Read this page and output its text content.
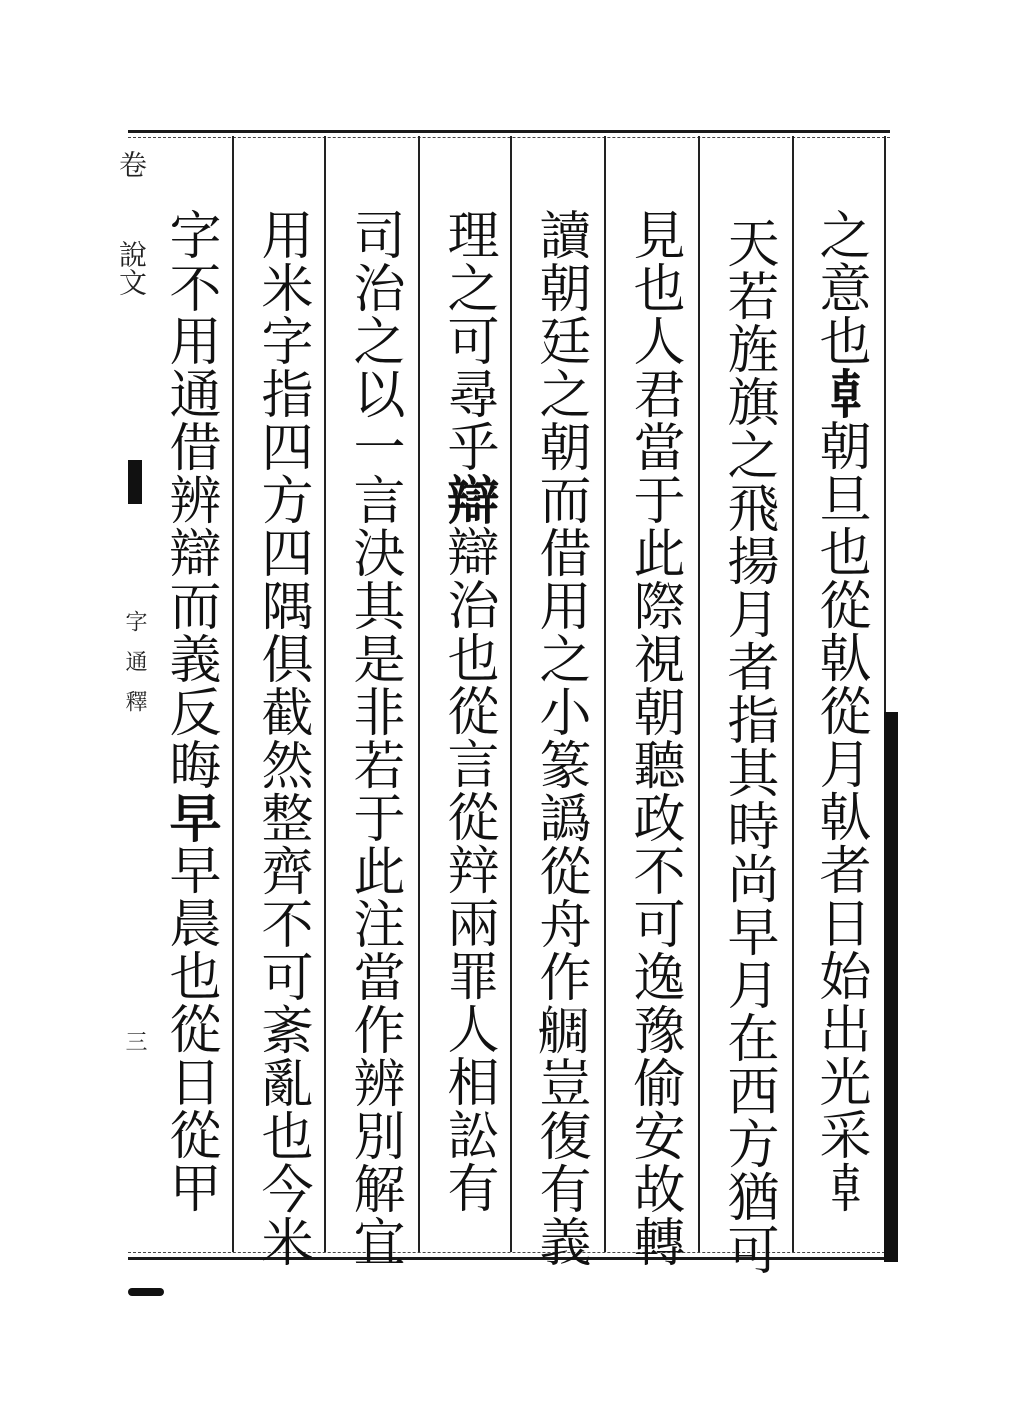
之意也𠦝朝旦也從倝從月倝者日始出光采𠦝
天若旌旗之飛揚月者指其時尚早月在西方猶可
見也人君當于此際視朝聽政不可逸豫偷安故轉
讀朝廷之朝而借用之小篆譌從舟作𦩍豈復有義
理之可尋乎辯辯治也從言從辡兩罪人相訟有
司治之以一言決其是非若于此注當作辨別解宜
用米字指四方四隅俱截然整齊不可紊亂也今米
字不用通借辨辯而義反晦早早晨也從日從甲
卷
說文
字
通
釋
三
